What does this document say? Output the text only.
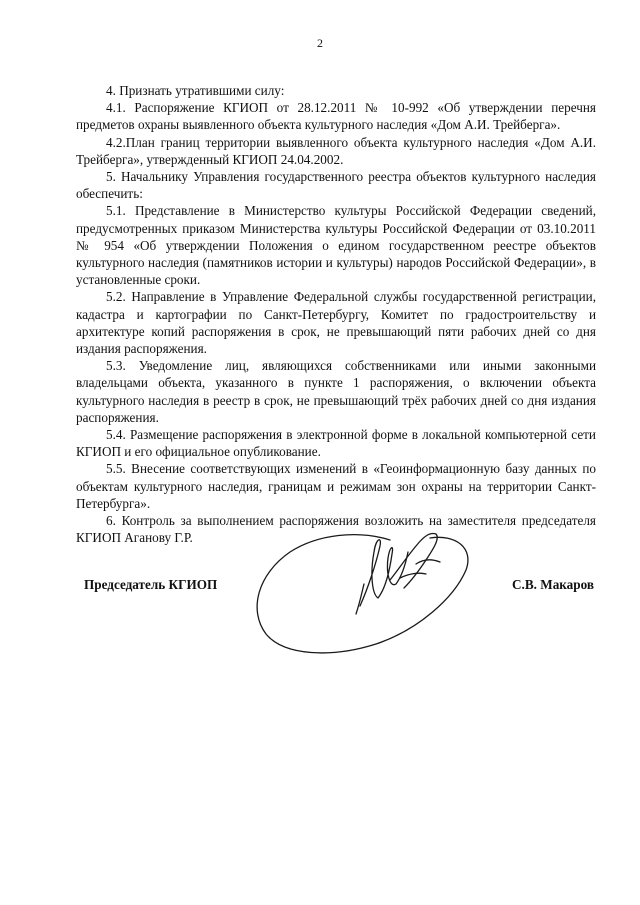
2

4. Признать утратившими силу:

4.1. Распоряжение КГИОП от 28.12.2011 № 10-992 «Об утверждении перечня предметов охраны выявленного объекта культурного наследия «Дом А.И. Трейберга».

4.2.План границ территории выявленного объекта культурного наследия «Дом А.И. Трейберга», утвержденный КГИОП 24.04.2002.

5. Начальнику Управления государственного реестра объектов культурного наследия обеспечить:

5.1. Представление в Министерство культуры Российской Федерации сведений, предусмотренных приказом Министерства культуры Российской Федерации от 03.10.2011 № 954 «Об утверждении Положения о едином государственном реестре объектов культурного наследия (памятников истории и культуры) народов Российской Федерации», в установленные сроки.

5.2. Направление в Управление Федеральной службы государственной регистрации, кадастра и картографии по Санкт-Петербургу, Комитет по градостроительству и архитектуре копий распоряжения в срок, не превышающий пяти рабочих дней со дня издания распоряжения.

5.3. Уведомление лиц, являющихся собственниками или иными законными владельцами объекта, указанного в пункте 1 распоряжения, о включении объекта культурного наследия в реестр в срок, не превышающий трёх рабочих дней со дня издания распоряжения.

5.4. Размещение распоряжения в электронной форме в локальной компьютерной сети КГИОП и его официальное опубликование.

5.5. Внесение соответствующих изменений в «Геоинформационную базу данных по объектам культурного наследия, границам и режимам зон охраны на территории Санкт-Петербурга».

6. Контроль за выполнением распоряжения возложить на заместителя председателя КГИОП Аганову Г.Р.

Председатель КГИОП	С.В. Макаров
